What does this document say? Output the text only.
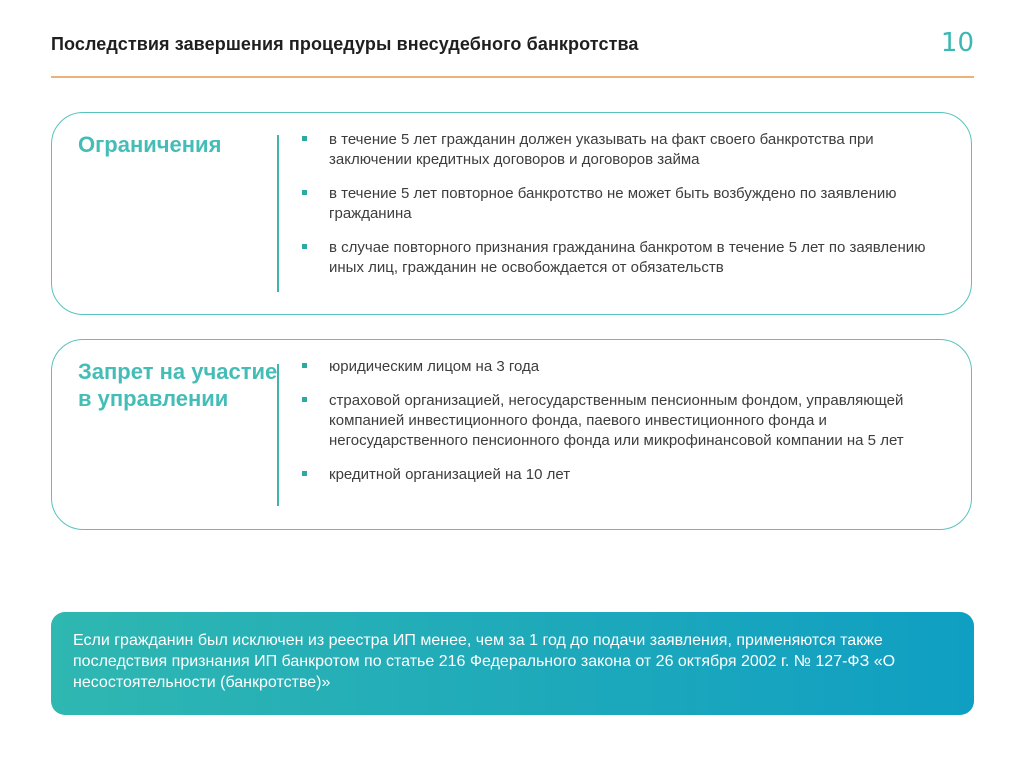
Последствия завершения процедуры внесудебного банкротства	10
Ограничения	в течение 5 лет гражданин должен указывать на факт своего банкротства при заключении кредитных договоров и договоров займа
в течение 5 лет повторное банкротство не может быть возбуждено по заявлению гражданина
в случае повторного признания гражданина банкротом в течение 5 лет по заявлению иных лиц, гражданин не освобождается от обязательств
Запрет на участие в управлении
юридическим лицом на 3 года
страховой организацией, негосударственным пенсионным фондом, управляющей компанией инвестиционного фонда, паевого инвестиционного фонда и негосударственного пенсионного фонда или микрофинансовой компании на 5 лет
кредитной организацией на 10 лет
Если гражданин был исключен из реестра ИП менее, чем за 1 год до подачи заявления, применяются также последствия признания ИП банкротом по статье 216 Федерального закона от 26 октября 2002 г. № 127-ФЗ «О несостоятельности (банкротстве)»
